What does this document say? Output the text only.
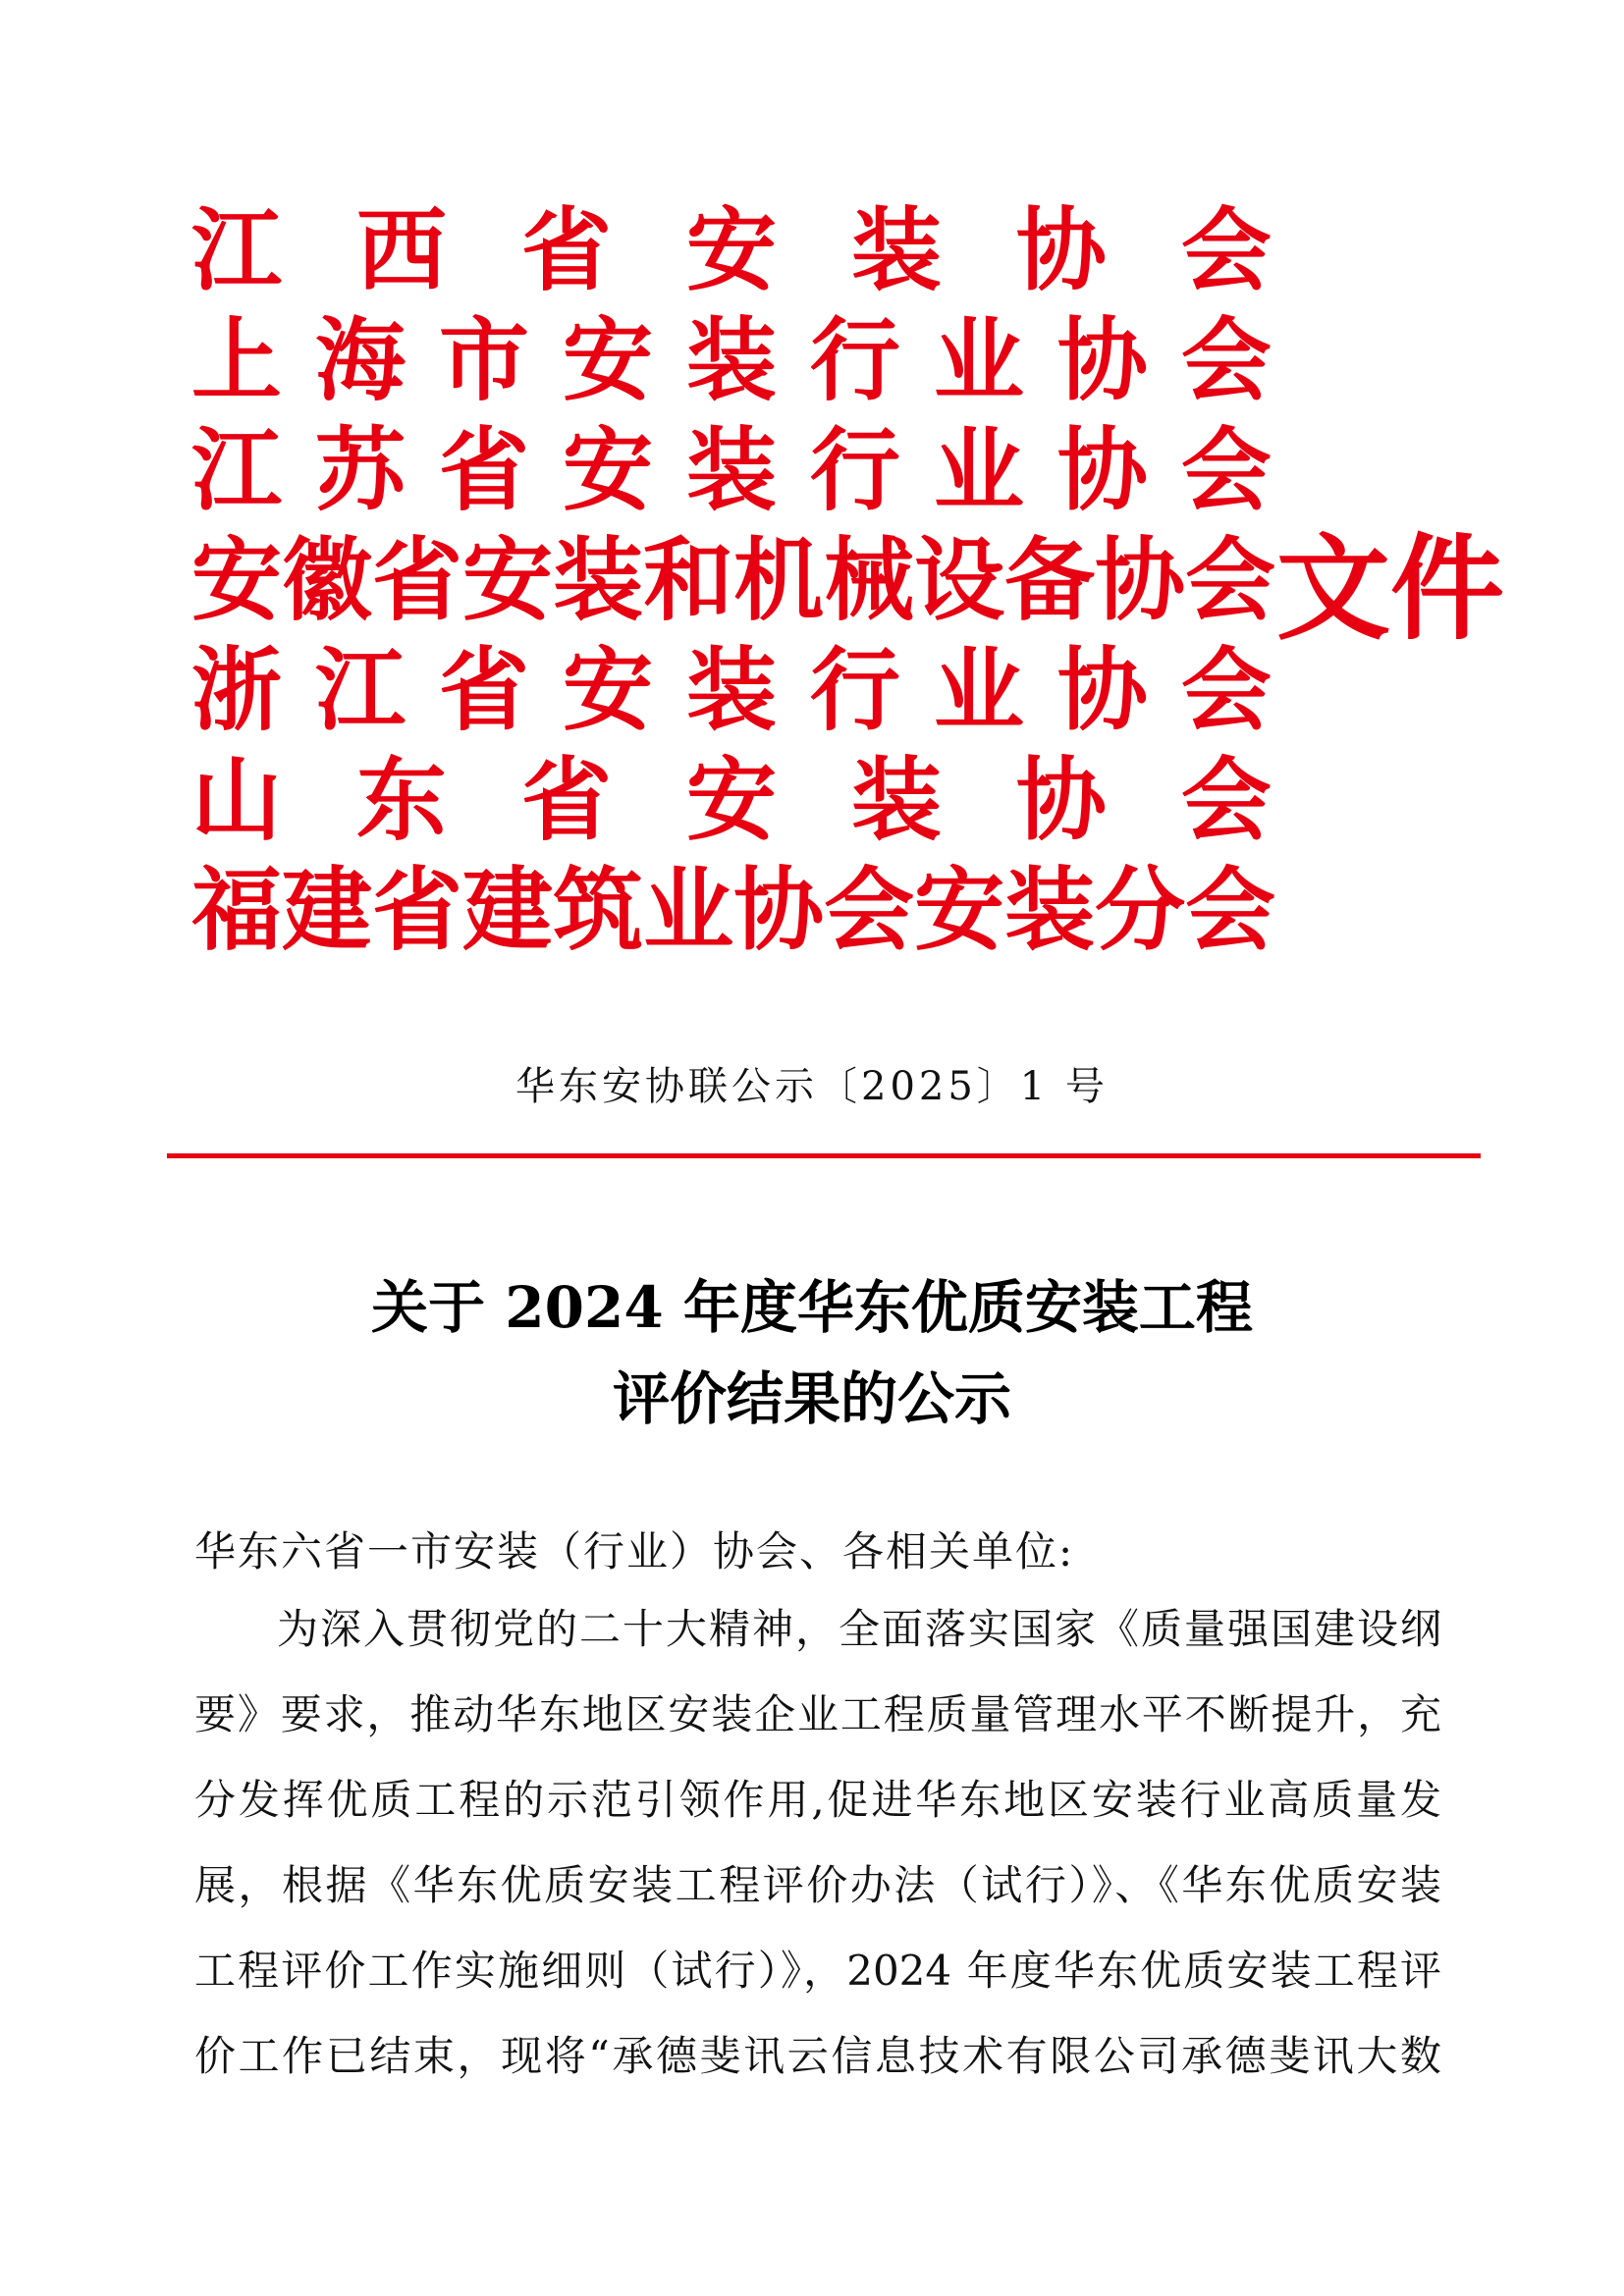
江 西 省 安 装 协 会
上 海 市 安 装 行 业 协 会
江 苏 省 安 装 行 业 协 会
安 徽 省 安 装 和 机 械 设 备 协 会
浙 江 省 安 装 行 业 协 会
山 东 省 安 装 协 会
福 建 省 建 筑 业 协 会 安 装 分 会
文件
华东安协联公示〔2025〕1 号
关于 2024 年度华东优质安装工程
评价结果的公示
华东六省一市安装（行业）协会、各相关单位:
为深入贯彻党的二十大精神，全面落实国家《质量强国建设纲
要》要求，推动华东地区安装企业工程质量管理水平不断提升，充
分发挥优质工程的示范引领作用,促进华东地区安装行业高质量发
展，根据《华东优质安装工程评价办法（试行）》、《华东优质安装
工程评价工作实施细则（试行）》，2024 年度华东优质安装工程评
价工作已结束，现将“承德斐讯云信息技术有限公司承德斐讯大数
